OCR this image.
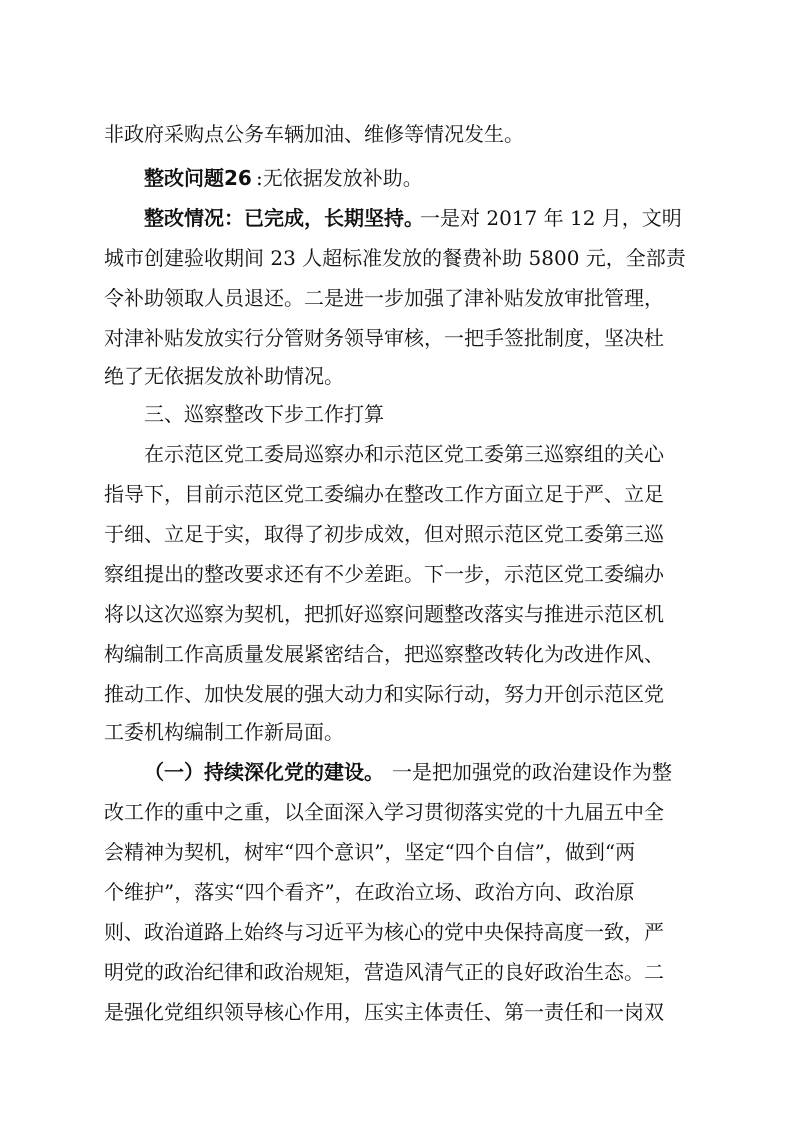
非政府采购点公务车辆加油、维修等情况发生。
整改问题26 :无依据发放补助。
整改情况：已完成，长期坚持。
一是对 2017 年 12 月，文明
城市创建验收期间 23 人超标准发放的餐费补助 5800 元，全部责
令补助领取人员退还。二是进一步加强了津补贴发放审批管理，
对津补贴发放实行分管财务领导审核，一把手签批制度，坚决杜
绝了无依据发放补助情况。
三、巡察整改下步工作打算
在示范区党工委局巡察办和示范区党工委第三巡察组的关心
指导下，目前示范区党工委编办在整改工作方面立足于严、立足
于细、立足于实，取得了初步成效，但对照示范区党工委第三巡
察组提出的整改要求还有不少差距。下一步，示范区党工委编办
将以这次巡察为契机，把抓好巡察问题整改落实与推进示范区机
构编制工作高质量发展紧密结合，把巡察整改转化为改进作风、
推动工作、加快发展的强大动力和实际行动，努力开创示范区党
工委机构编制工作新局面。
（一）持续深化党的建设。 一是把加强党的政治建设作为整
改工作的重中之重，以全面深入学习贯彻落实党的十九届五中全
会精神为契机，树牢“四个意识”，坚定“四个自信”，做到“两
个维护”，落实“四个看齐”，在政治立场、政治方向、政治原
则、政治道路上始终与习近平为核心的党中央保持高度一致，严
明党的政治纪律和政治规矩，营造风清气正的良好政治生态。二
是强化党组织领导核心作用，压实主体责任、第一责任和一岗双
